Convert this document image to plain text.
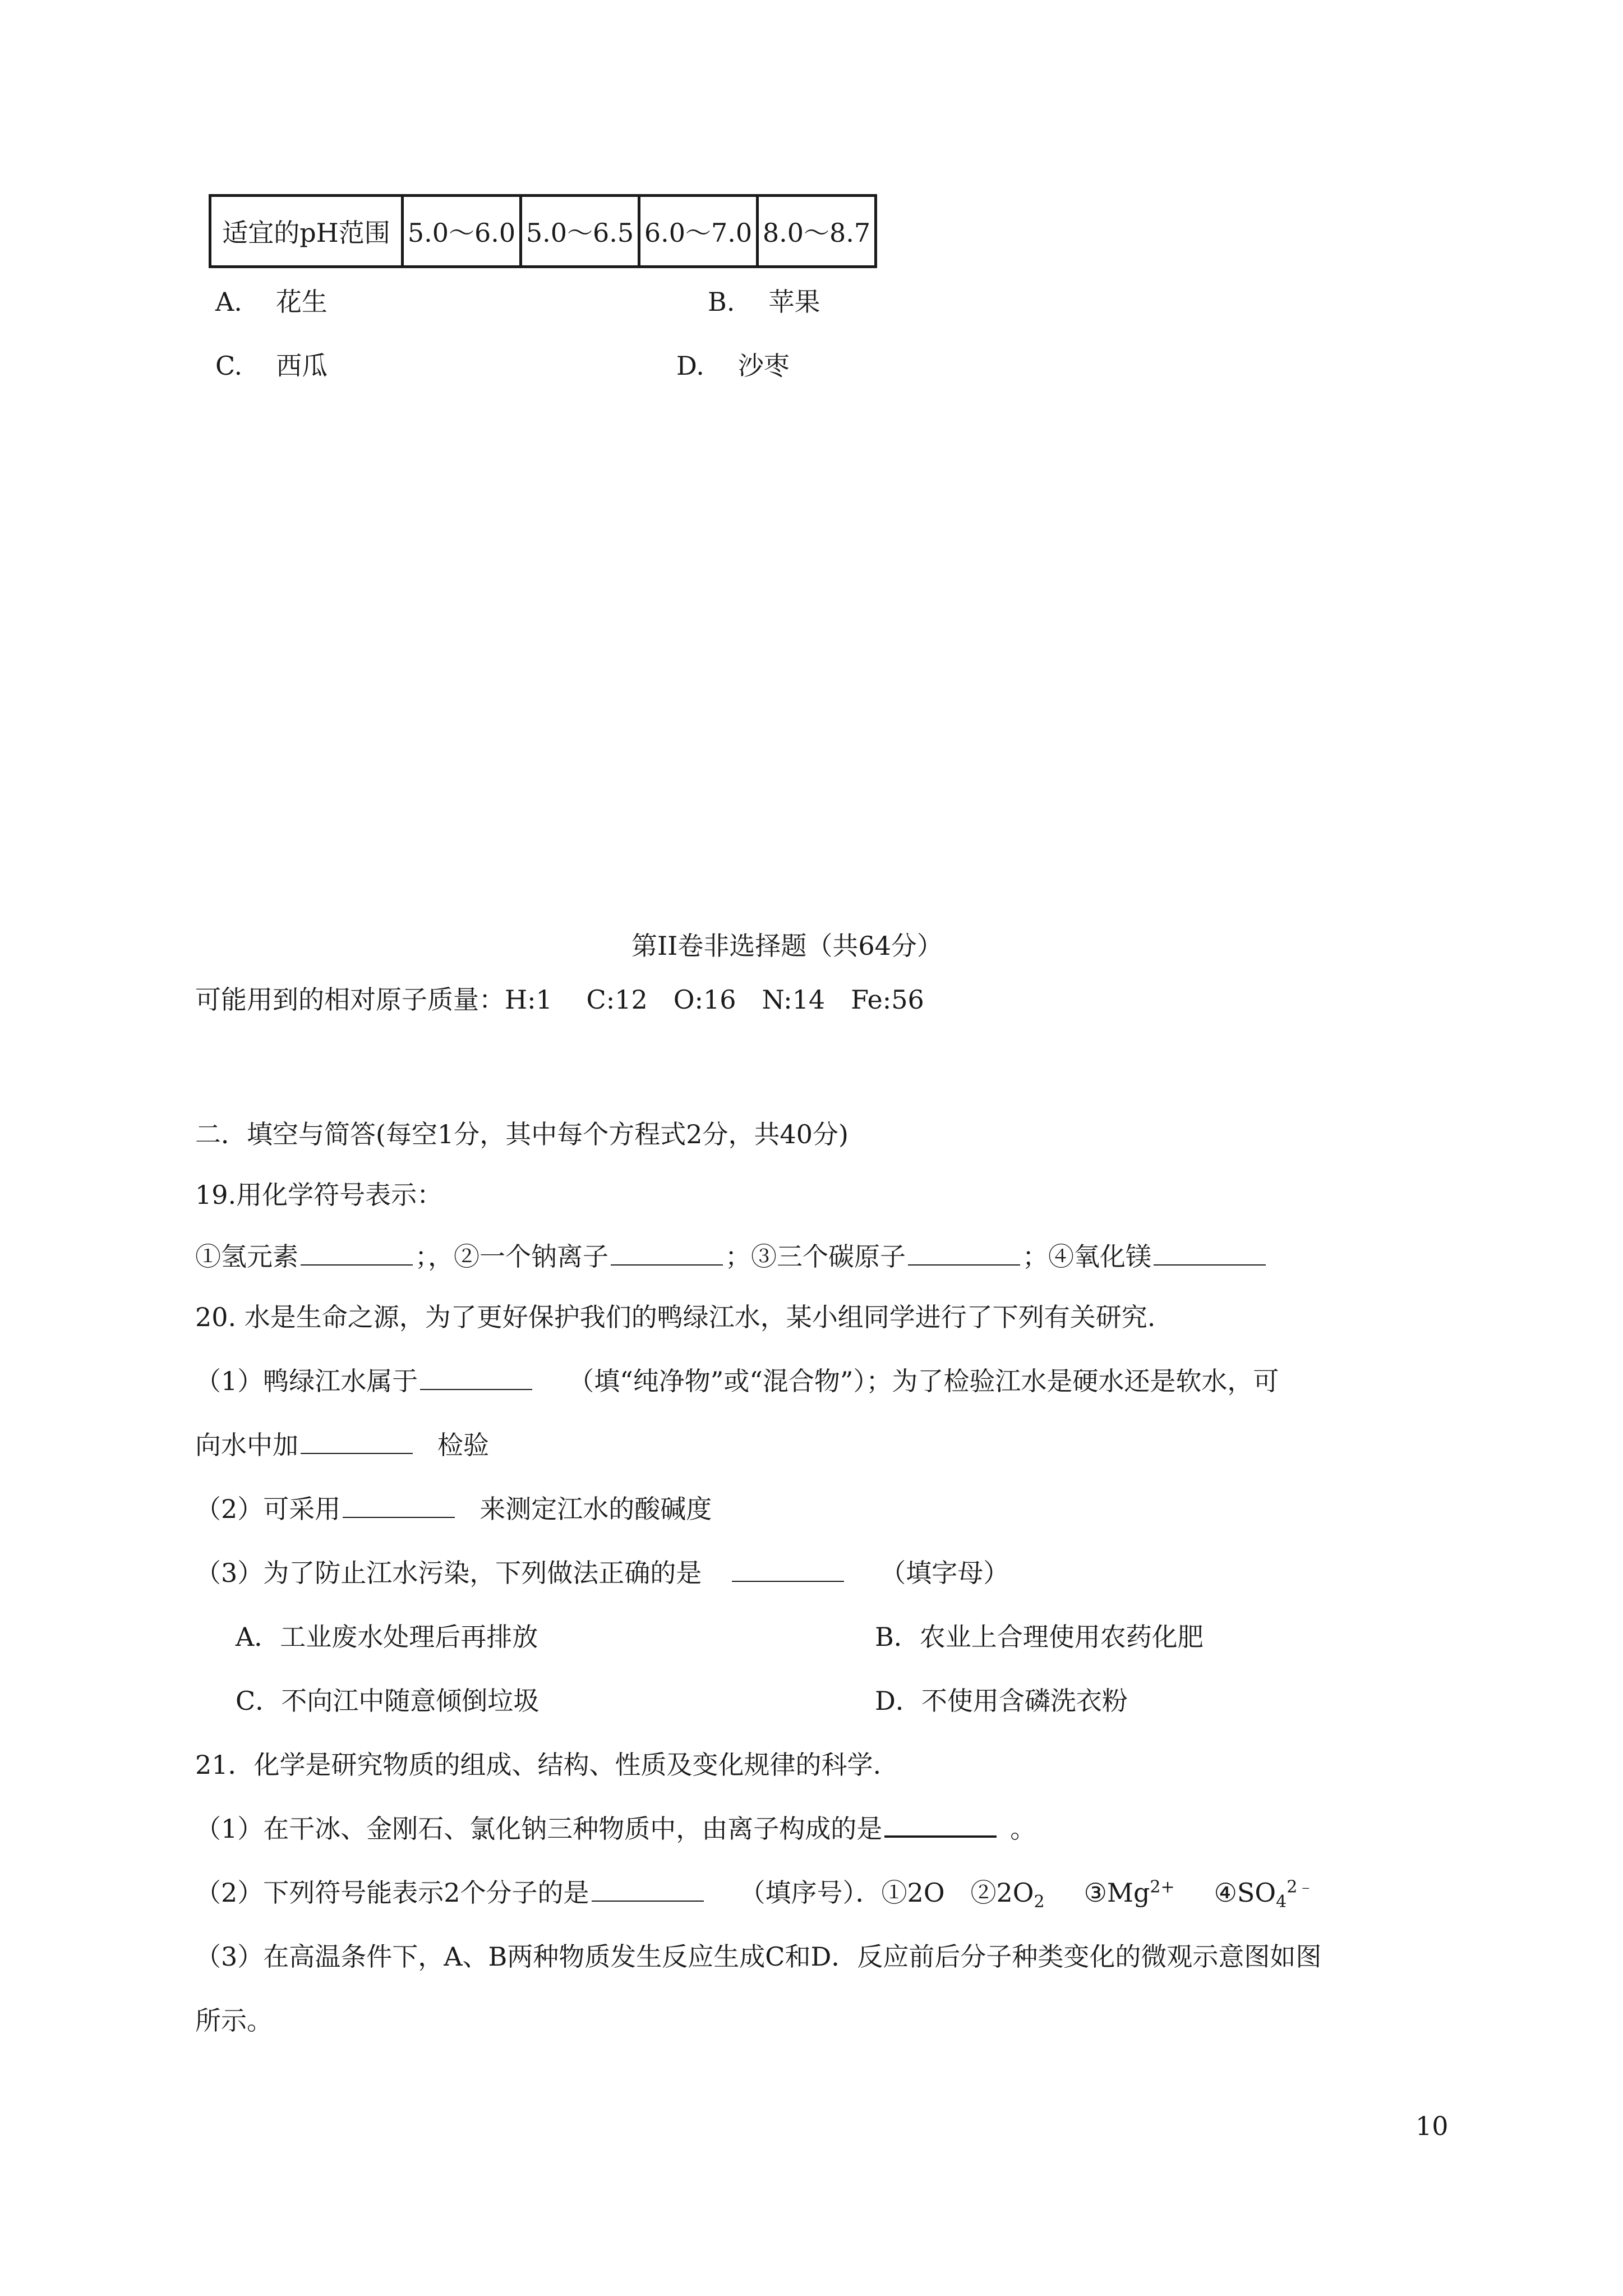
适宜的pH范围	5.0～6.0	5.0～6.5	6.0～7.0	8.0～8.7
A. 花生	B. 苹果
C. 西瓜	D. 沙枣
第II卷非选择题（共64分）
可能用到的相对原子质量：H:1　 C:12　O:16　N:14　Fe:56
二．填空与简答(每空1分，其中每个方程式2分，共40分)
19.用化学符号表示：
①氢元素	；，②一个钠离子	；③三个碳原子	；④氧化镁
20. 水是生命之源，为了更好保护我们的鸭绿江水，某小组同学进行了下列有关研究.
（1）鸭绿江水属于	（填“纯净物”或“混合物”）；为了检验江水是硬水还是软水，可
向水中加	检验
（2）可采用	来测定江水的酸碱度
（3）为了防止江水污染，下列做法正确的是	（填字母）
A．工业废水处理后再排放	B．农业上合理使用农药化肥
C．不向江中随意倾倒垃圾	D．不使用含磷洗衣粉
21．化学是研究物质的组成、结构、性质及变化规律的科学.
（1）在干冰、金刚石、氯化钠三种物质中，由离子构成的是	。
（2）下列符号能表示2个分子的是	（填序号）．①2O　$②2O_2$ $③Mg^{2+}$ $④SO_4^{2﹣}$
（3）在高温条件下，A、B两种物质发生反应生成C和D．反应前后分子种类变化的微观示意图如图
所示。
10
